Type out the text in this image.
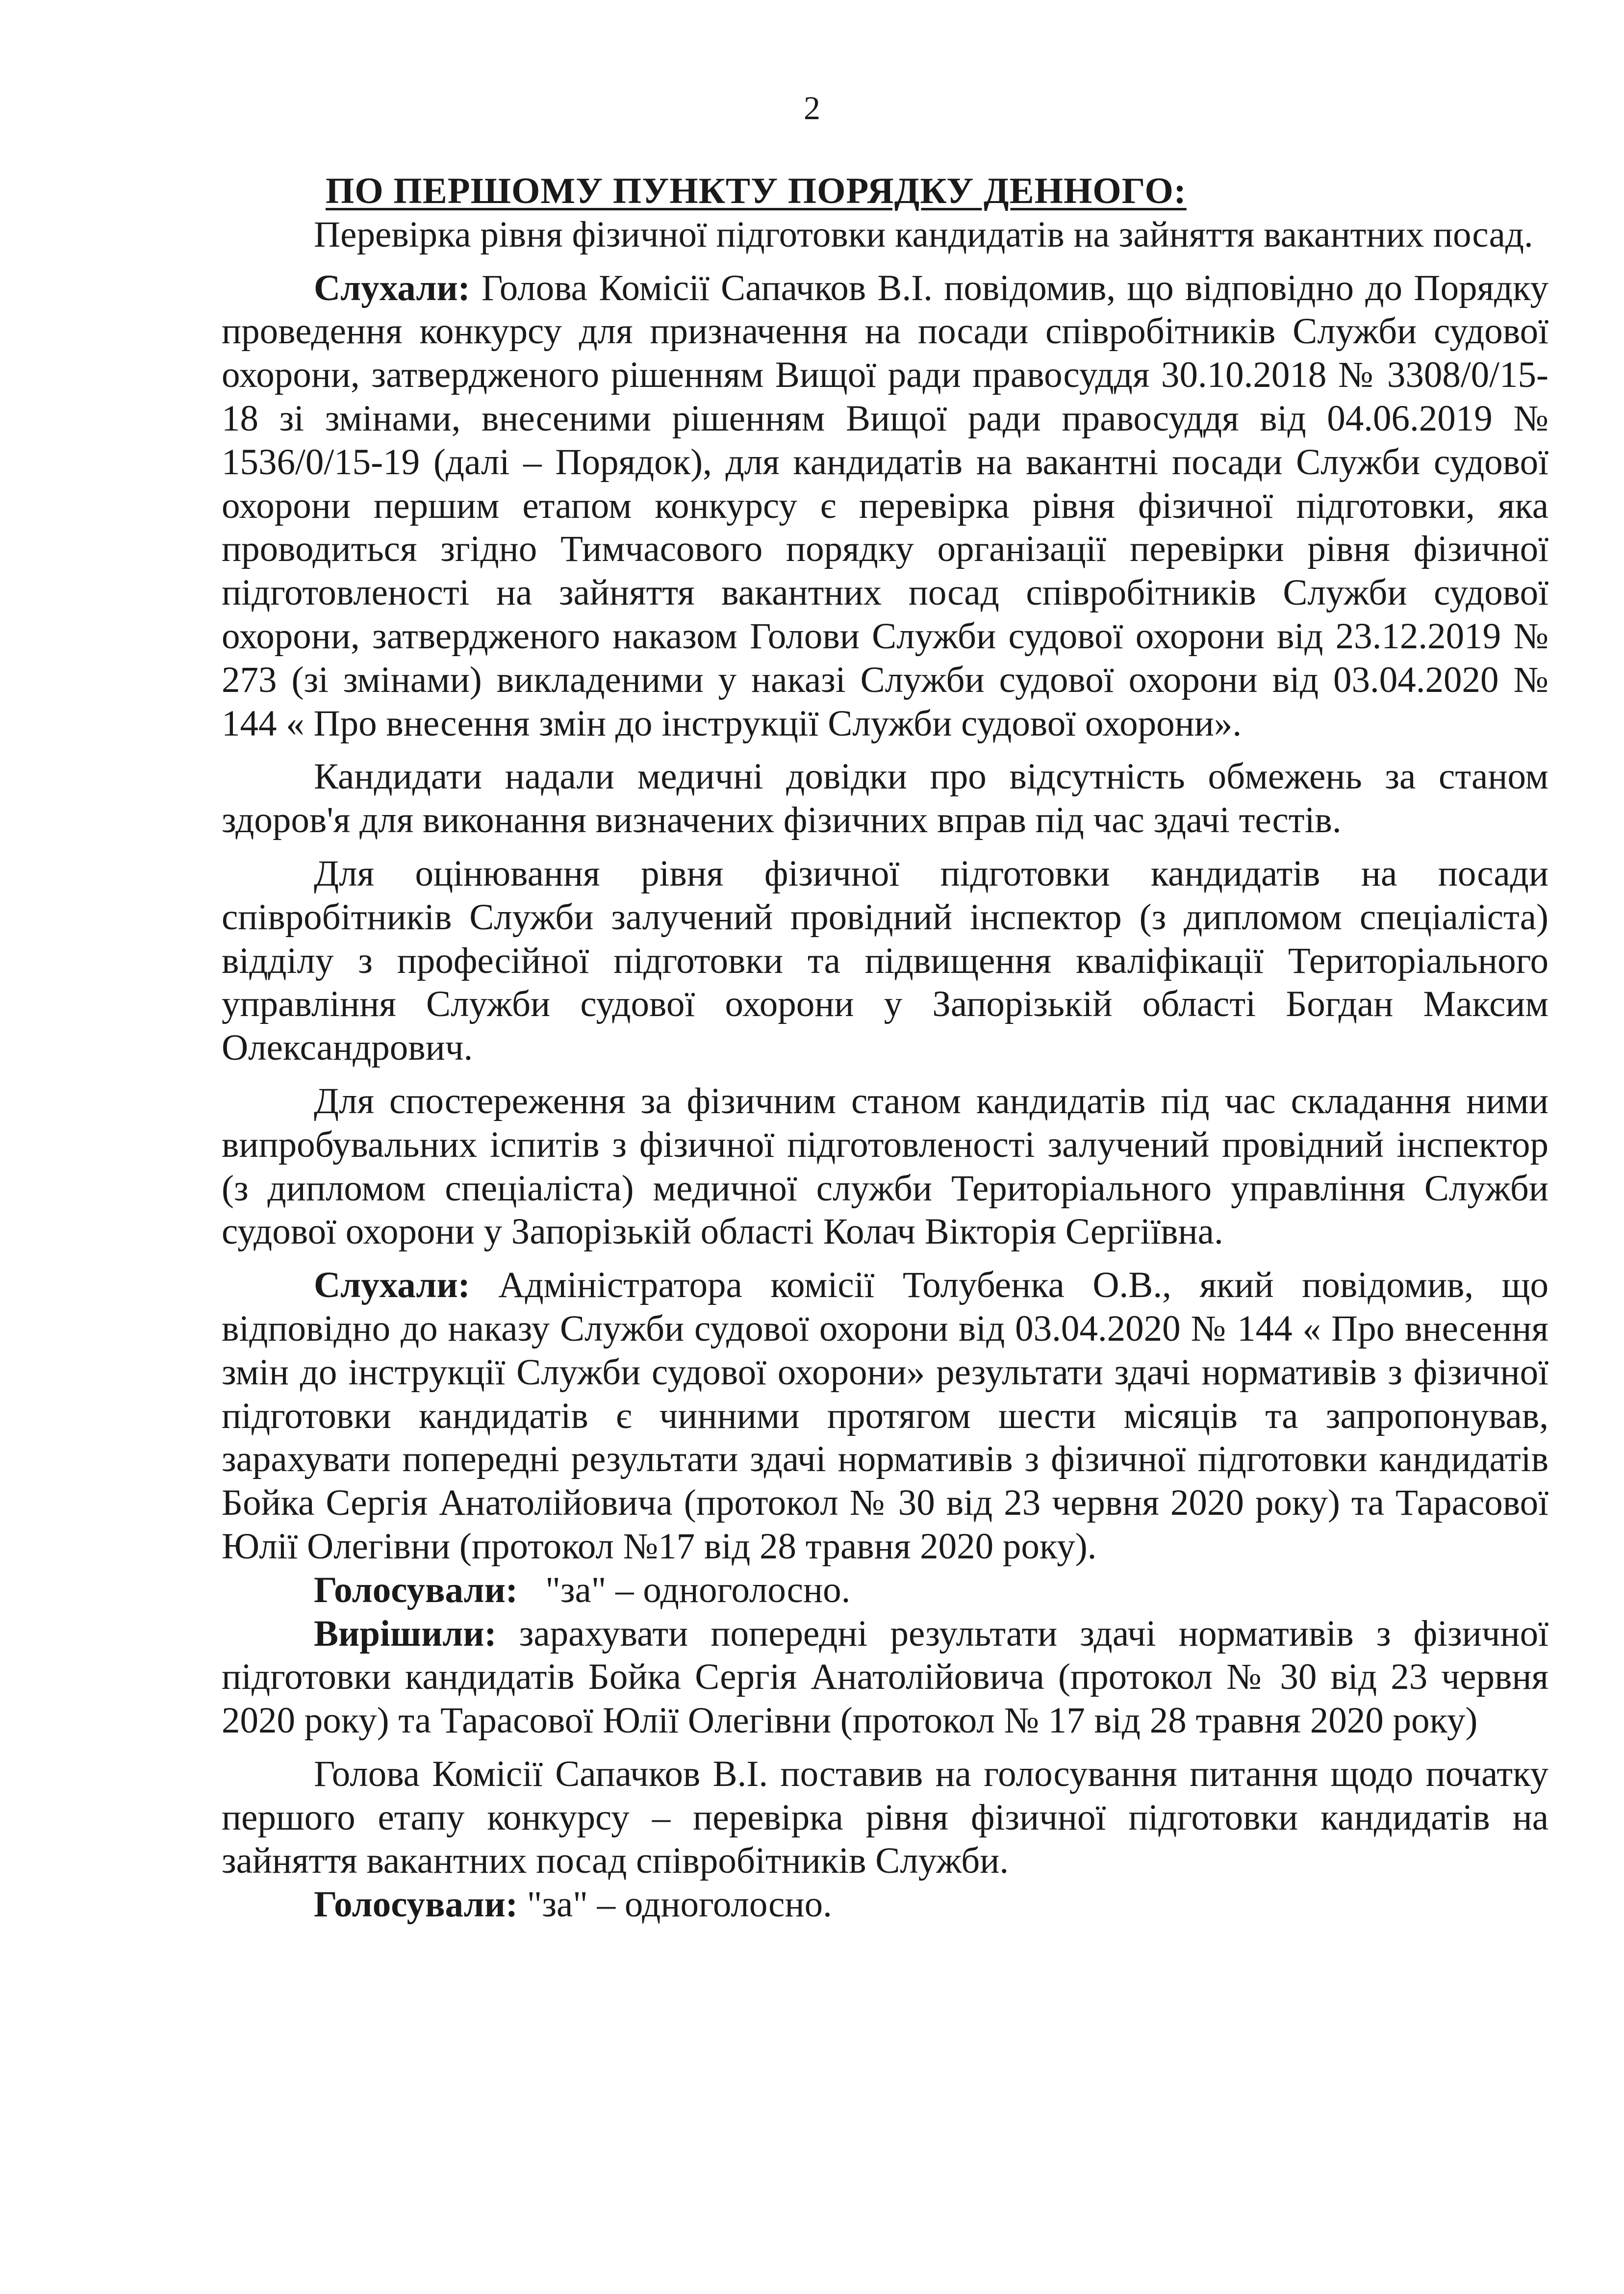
2

ПО ПЕРШОМУ ПУНКТУ ПОРЯДКУ ДЕННОГО:

Перевірка рівня фізичної підготовки кандидатів на зайняття вакантних посад.

Слухали: Голова Комісії Сапачков В.І. повідомив, що відповідно до Порядку проведення конкурсу для призначення на посади співробітників Служби судової охорони, затвердженого рішенням Вищої ради правосуддя 30.10.2018 № 3308/0/15-18 зі змінами, внесеними рішенням Вищої ради правосуддя від 04.06.2019 № 1536/0/15-19 (далі – Порядок), для кандидатів на вакантні посади Служби судової охорони першим етапом конкурсу є перевірка рівня фізичної підготовки, яка проводиться згідно Тимчасового порядку організації перевірки рівня фізичної підготовленості на зайняття вакантних посад співробітників Служби судової охорони, затвердженого наказом Голови Служби судової охорони від 23.12.2019 № 273 (зі змінами) викладеними у наказі Служби судової охорони від 03.04.2020 № 144 « Про внесення змін до інструкції Служби судової охорони».

Кандидати надали медичні довідки про відсутність обмежень за станом здоров'я для виконання визначених фізичних вправ під час здачі тестів.

Для оцінювання рівня фізичної підготовки кандидатів на посади співробітників Служби залучений провідний інспектор (з дипломом спеціаліста) відділу з професійної підготовки та підвищення кваліфікації Територіального управління Служби судової охорони у Запорізькій області Богдан Максим Олександрович.

Для спостереження за фізичним станом кандидатів під час складання ними випробувальних іспитів з фізичної підготовленості залучений провідний інспектор (з дипломом спеціаліста) медичної служби Територіального управління Служби судової охорони у Запорізькій області Колач Вікторія Сергіївна.

Слухали: Адміністратора комісії Толубенка О.В., який повідомив, що відповідно до наказу Служби судової охорони від 03.04.2020 № 144 « Про внесення змін до інструкції Служби судової охорони» результати здачі нормативів з фізичної підготовки кандидатів є чинними протягом шести місяців та запропонував, зарахувати попередні результати здачі нормативів з фізичної підготовки кандидатів Бойка Сергія Анатолійовича (протокол № 30 від 23 червня 2020 року) та Тарасової Юлії Олегівни (протокол №17 від 28 травня 2020 року).

Голосували:   "за" – одноголосно.

Вирішили: зарахувати попередні результати здачі нормативів з фізичної підготовки кандидатів Бойка Сергія Анатолійовича (протокол № 30 від 23 червня 2020 року) та Тарасової Юлії Олегівни (протокол № 17 від 28 травня 2020 року)

Голова Комісії Сапачков В.І. поставив на голосування питання щодо початку першого етапу конкурсу – перевірка рівня фізичної підготовки кандидатів на зайняття вакантних посад співробітників Служби.

Голосували: "за" – одноголосно.
